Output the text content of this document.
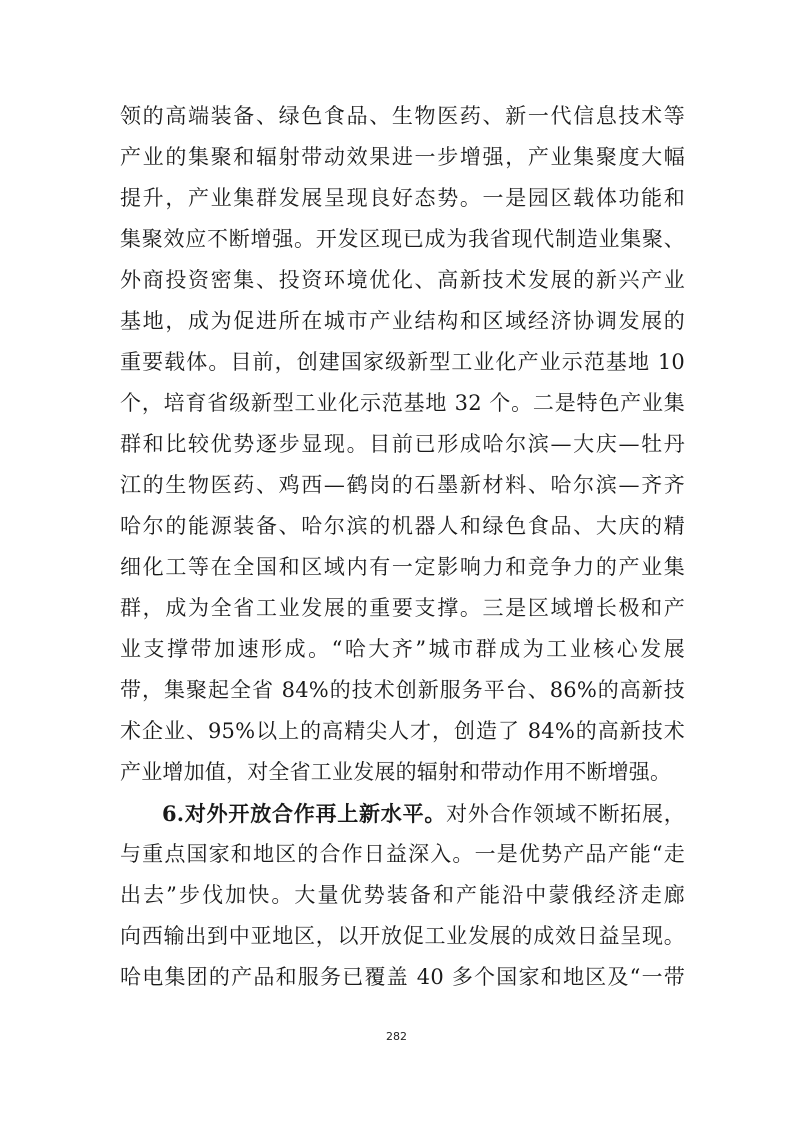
领的高端装备、绿色食品、生物医药、新一代信息技术等
产业的集聚和辐射带动效果进一步增强，产业集聚度大幅
提升，产业集群发展呈现良好态势。一是园区载体功能和
集聚效应不断增强。开发区现已成为我省现代制造业集聚、
外商投资密集、投资环境优化、高新技术发展的新兴产业
基地，成为促进所在城市产业结构和区域经济协调发展的
重要载体。目前，创建国家级新型工业化产业示范基地 10
个，培育省级新型工业化示范基地 32 个。二是特色产业集
群和比较优势逐步显现。目前已形成哈尔滨—大庆—牡丹
江的生物医药、鸡西—鹤岗的石墨新材料、哈尔滨—齐齐
哈尔的能源装备、哈尔滨的机器人和绿色食品、大庆的精
细化工等在全国和区域内有一定影响力和竞争力的产业集
群，成为全省工业发展的重要支撑。三是区域增长极和产
业支撑带加速形成。“哈大齐”城市群成为工业核心发展
带，集聚起全省 84%的技术创新服务平台、86%的高新技
术企业、95%以上的高精尖人才，创造了 84%的高新技术
产业增加值，对全省工业发展的辐射和带动作用不断增强。
6.对外开放合作再上新水平。对外合作领域不断拓展，
与重点国家和地区的合作日益深入。一是优势产品产能“走
出去”步伐加快。大量优势装备和产能沿中蒙俄经济走廊
向西输出到中亚地区，以开放促工业发展的成效日益呈现。
哈电集团的产品和服务已覆盖 40 多个国家和地区及“一带
282
